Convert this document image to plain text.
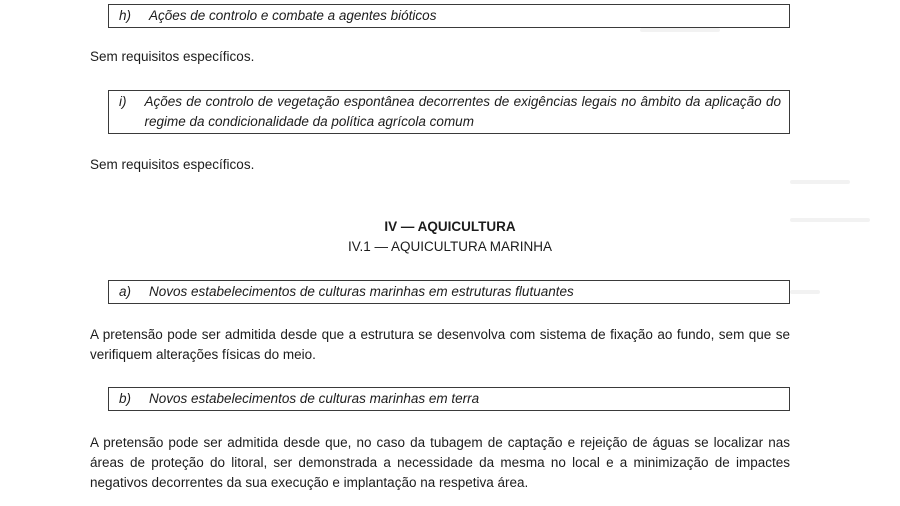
h) Ações de controlo e combate a agentes bióticos
Sem requisitos específicos.
i) Ações de controlo de vegetação espontânea decorrentes de exigências legais no âmbito da aplicação do regime da condicionalidade da política agrícola comum
Sem requisitos específicos.
IV — AQUICULTURA
IV.1 — AQUICULTURA MARINHA
a) Novos estabelecimentos de culturas marinhas em estruturas flutuantes
A pretensão pode ser admitida desde que a estrutura se desenvolva com sistema de fixação ao fundo, sem que se verifiquem alterações físicas do meio.
b) Novos estabelecimentos de culturas marinhas em terra
A pretensão pode ser admitida desde que, no caso da tubagem de captação e rejeição de águas se localizar nas áreas de proteção do litoral, ser demonstrada a necessidade da mesma no local e a minimização de impactes negativos decorrentes da sua execução e implantação na respetiva área.
